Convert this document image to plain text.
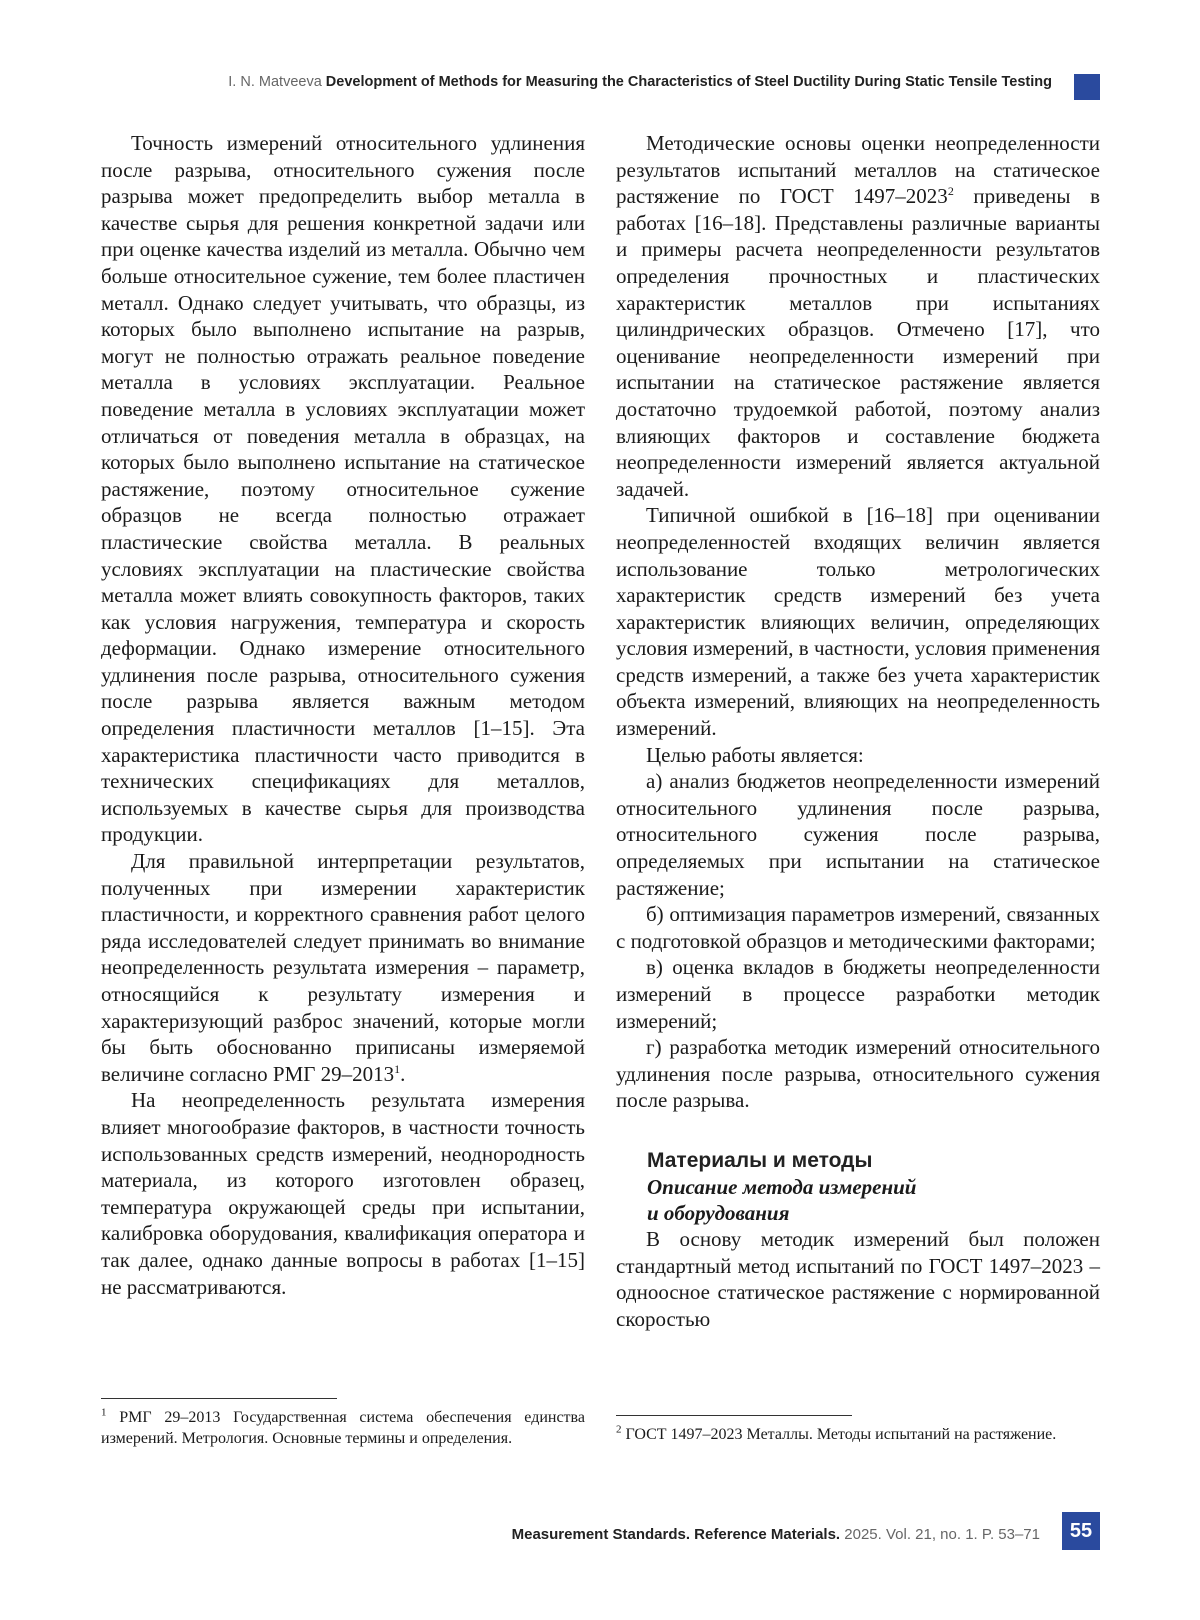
I. N. Matveeva Development of Methods for Measuring the Characteristics of Steel Ductility During Static Tensile Testing

Точность измерений относительного удлинения после разрыва, относительного сужения после разрыва может предопределить выбор металла в качестве сырья для решения конкретной задачи или при оценке качества изделий из металла. Обычно чем больше относительное сужение, тем более пластичен металл. Однако следует учитывать, что образцы, из которых было выполнено испытание на разрыв, могут не полностью отражать реальное поведение металла в условиях эксплуатации. Реальное поведение металла в условиях эксплуатации может отличаться от поведения металла в образцах, на которых было выполнено испытание на статическое растяжение, поэтому относительное сужение образцов не всегда полностью отражает пластические свойства металла. В реальных условиях эксплуатации на пластические свойства металла может влиять совокупность факторов, таких как условия нагружения, температура и скорость деформации. Однако измерение относительного удлинения после разрыва, относительного сужения после разрыва является важным методом определения пластичности металлов [1–15]. Эта характеристика пластичности часто приводится в технических спецификациях для металлов, используемых в качестве сырья для производства продукции.

Для правильной интерпретации результатов, полученных при измерении характеристик пластичности, и корректного сравнения работ целого ряда исследователей следует принимать во внимание неопределенность результата измерения – параметр, относящийся к результату измерения и характеризующий разброс значений, которые могли бы быть обоснованно приписаны измеряемой величине согласно РМГ 29–2013$^1$.

На неопределенность результата измерения влияет многообразие факторов, в частности точность использованных средств измерений, неоднородность материала, из которого изготовлен образец, температура окружающей среды при испытании, калибровка оборудования, квалификация оператора и так далее, однако данные вопросы в работах [1–15] не рассматриваются.

Методические основы оценки неопределенности результатов испытаний металлов на статическое растяжение по ГОСТ 1497–2023$^2$ приведены в работах [16–18]. Представлены различные варианты и примеры расчета неопределенности результатов определения прочностных и пластических характеристик металлов при испытаниях цилиндрических образцов. Отмечено [17], что оценивание неопределенности измерений при испытании на статическое растяжение является достаточно трудоемкой работой, поэтому анализ влияющих факторов и составление бюджета неопределенности измерений является актуальной задачей.

Типичной ошибкой в [16–18] при оценивании неопределенностей входящих величин является использование только метрологических характеристик средств измерений без учета характеристик влияющих величин, определяющих условия измерений, в частности, условия применения средств измерений, а также без учета характеристик объекта измерений, влияющих на неопределенность измерений.

Целью работы является:

а) анализ бюджетов неопределенности измерений относительного удлинения после разрыва, относительного сужения после разрыва, определяемых при испытании на статическое растяжение;

б) оптимизация параметров измерений, связанных с подготовкой образцов и методическими факторами;

в) оценка вкладов в бюджеты неопределенности измерений в процессе разработки методик измерений;

г) разработка методик измерений относительного удлинения после разрыва, относительного сужения после разрыва.

Материалы и методы
Описание метода измерений
и оборудования

В основу методик измерений был положен стандартный метод испытаний по ГОСТ 1497–2023 – одноосное статическое растяжение с нормированной скоростью

$^1$ РМГ 29–2013 Государственная система обеспечения единства измерений. Метрология. Основные термины и определения.
$^2$ ГОСТ 1497–2023 Металлы. Методы испытаний на растяжение.
Measurement Standards. Reference Materials. 2025. Vol. 21, no. 1. P. 53–71	55
